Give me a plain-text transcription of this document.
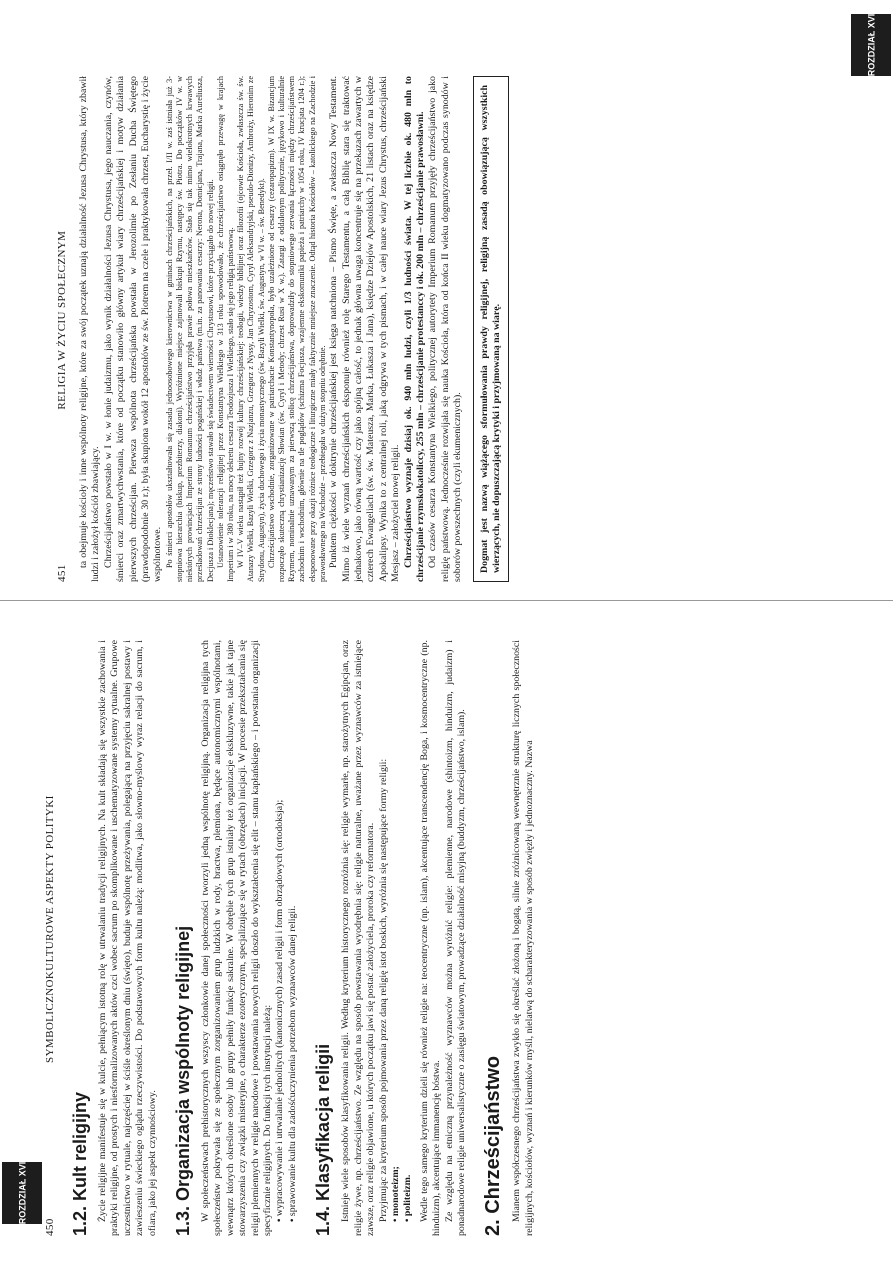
451
RELIGIA W ŻYCIU SPOŁECZNYM ta obejmuje kościoły i inne wspólnoty religijne, które za swój początek uznają działalność Jezusa Chrystusa, który zbawił ludzi i założył kościół zbawiający. Chrześcijaństwo powstało w I w. w łonie judaizmu, jako wynik działalności Jezusa Chrystusa, jego nauczania, czynów, śmierci oraz zmartwychwstania, które od początku stanowiło główny artykuł wiary chrześcijańskiej i motyw działania pierwszych chrześcijan. Pierwsza wspólnota chrześcijańska powstała w Jerozolimie po Zesłaniu Ducha Świętego (prawdopodobnie 30 r.); była skupiona wokół 12 apostołów ze św. Piotrem na czele i praktykowała chrzest, Eucharystię i życie wspólnotowe. Po śmierci apostołów ukształtowała się zasada jednoosobowego kierownictwa w gminach chrześcijańskich, na przeł. I/II w. zaś istniała już 3-stopniowa hierarchia (biskup, prezbiterzy, diakoni). Wyróżnione miejsce zajmowali biskupi Rzymu, następcy św. Piotra. Do początków IV w. w niektórych prowincjach Imperium Romanum chrześcijaństwo przyjęła prawie połowa mieszkańców. Stało się tak mimo wielokrotnych krwawych prześladowań chrześcijan ze strony ludności pogańskiej i władz państwa (m.in. za panowania cesarzy: Nerona, Domicjana, Trajana, Marka Aureliusza, Decjusza i Dioklecjana); męczeństwo stawało się świadectwem wierności Chrystusowi, które przyciągało do nowej religii. Ustanowienie tolerancji religijnej przez Konstantyna Wielkiego w 313 roku spowodowało, że chrześcijaństwo osiągnęło przewagę w krajach Imperium i w 380 roku, na mocy dekretu cesarza Teodozjusza I Wielkiego, stało się jego religią państwową. W IV–V wieku nastąpił też bujny rozwój kultury chrześcijańskiej: teologii, wiedzy biblijnej oraz filozofii (ojcowie Kościoła, zwłaszcza św. św. Atanazy Wielki, Bazyli Wielki, Grzegorz z Nazjanzu, Grzegorz z Nyssy, Jan Chryzostom, Cyryl Aleksandryjski, pseudo-Dionizy, Ambroży, Hieronim ze Strydonu, Augustyn), życia duchowego i życia monastycznego (św. Bazyli Wielki, św. Augustyn, w VI w. – św. Benedykt). Chrześcijaństwo wschodnie, zorganizowane w patriarchacie Konstantynopola, było uzależnione od cesarzy (cezaropapizm). W IX w. Bizancjum rozpoczęło skuteczną chrystianizację Słowian (św. Cyryl i Metody; chrzest Rusi w X w.). Zatargi z oddalonym politycznie, językowo i kulturalnie Rzymem, nominalnie uznawanym za pierwszą stolicę chrześcijaństwa, doprowadziły do stopniowego zerwania łączności między chrześcijaństwem zachodnim i wschodnim, głównie na tle poglądów (schizma Focjusza, wzajemne ekskomuniki papieża i patriarchy w 1054 roku, IV krucjata 1204 r.); eksponowane przy okazji różnice teologiczne i liturgiczne miały faktycznie mniejsze znaczenie. Odtąd historia Kościołów – katolickiego na Zachodzie i prawosławnego na Wschodzie – przebiegała w dużym stopniu odrębnie. Punktem ciężkości w doktrynie chrześcijańskiej jest księga natchniona – Pismo Święte, a zwłaszcza Nowy Testament. Mimo iż wiele wyznań chrześcijańskich eksponuje również rolę Starego Testamentu, a całą Biblię stara się traktować jednakowo, jako równą wartość czy jako spójną całość, to jednak główna uwaga koncentruje się na przekazach zawartych w czterech Ewangeliach (św. św. Mateusza, Marka, Łukasza i Jana), księdze Dziejów Apostolskich, 21 listach oraz na księdze Apokalipsy. Wynika to z centralnej roli, jaką odgrywa w tych pismach, i w całej nauce wiary Jezus Chrystus, chrześcijański Mesjasz – założyciel nowej religii. Chrześcijaństwo wyznaje dzisiaj ok. 940 mln ludzi, czyli 1/3 ludności świata. W tej liczbie ok. 480 mln to chrześcijanie rzymskokatoliccy, 255 mln – chrześcijanie protestanccy i ok. 200 mln – chrześcijanie prawosławni. Od czasów cesarza Konstantyna Wielkiego, politycznej autorytety Imperium Romanum przyjęły chrześcijaństwo jako religię państwową. Jednocześnie rozwijała się nauka Kościoła, która od końca II wieku dogmatyzowano podczas synodów i soborów powszechnych (czyli ekumenicznych).	Dogmat jest nazwą wiążącego sformułowania prawdy religijnej, religijną zasadą obowiązującą wszystkich wierzących, nie dopuszczającą krytyki i przyjmowaną na wiarę.
ROZDZIAŁ XVI
450
SYMBOLICZNOKULTUROWE ASPEKTY POLITYKI
1.2. Kult religijny Życie religijne manifestuje się w kulcie, pełniącym istotną rolę w utrwalaniu tradycji religijnych. Na kult składają się wszystkie zachowania i praktyki religijne, od prostych i niesformalizowanych aktów czci wobec sacrum po skomplikowane i uschematyzowane systemy rytualne. Grupowe uczestnictwo w rytuale, najczęściej w ściśle określonym dniu (święto), buduje wspólnotę przeżywania, polegającą na przyjęciu sakralnej postawy i zawieszeniu świeckiego oglądu rzeczywistości. Do podstawowych form kultu należą: modlitwa, jako słowno-myślowy wyraz relacji do sacrum, i ofiara, jako jej aspekt czynnościowy. 1.3. Organizacja wspólnoty religijnej W społeczeństwach prehistorycznych wszyscy członkowie danej społeczności tworzyli jedną wspólnotę religijną. Organizacja religijna tych społeczeństw pokrywała się ze społecznym zorganizowaniem grup ludzkich w rody, bractwa, plemiona, będące autonomicznymi wspólnotami, wewnątrz których określone osoby lub grupy pełniły funkcje sakralne. W obrębie tych grup istniały też organizacje ekskluzywne, takie jak tajne stowarzyszenia czy związki misteryjne, o charakterze ezoterycznym, specjalizujące się w rytach (obrzędach) inicjacji. W procesie przekształcania się religii plemiennych w religie narodowe i powstawania nowych religii doszło do wykształcenia się elit – stanu kapłańskiego – i powstania organizacji specyficznie religijnych. Do funkcji tych instytucji należą: • wypracowywanie i utrwalanie jednolitych (kanonicznych) zasad religii i form obrządowych (ortodoksja); • sprawowanie kultu dla zadośćuczynienia potrzebom wyznawców danej religii. 1.4. Klasyfikacja religii Istnieje wiele sposobów klasyfikowania religii. Według kryterium historycznego rozróżnia się: religie wymarłe, np. starożytnych Egipcjan, oraz religie żywe, np. chrześcijaństwo. Ze względu na sposób powstawania wyodrębnia się: religie naturalne, uważane przez wyznawców za istniejące zawsze, oraz religie objawione, u których początku jawi się postać założyciela, proroka czy reformatora. Przyjmując za kryterium sposób pojmowania przez daną religię istot boskich, wyróżnia się następujące formy religii: • monoteizm; • politeizm. Wedle tego samego kryterium dzieli się również religie na: teocentryczne (np. islam), akcentujące transcendencję Boga, i kosmocentryczne (np. hinduizm), akcentujące immanencję bóstwa. Ze względu na etniczną przynależność wyznawców można wyróżnić religie: plemienne, narodowe (shintoizm, hinduizm, judaizm) i ponadnarodowe religie uniwersalistyczne o zasięgu światowym, prowadzące działalność misyjną (buddyzm, chrześcijaństwo, islam). 2. Chrześcijaństwo Mianem współczesnego chrześcijaństwa zwykło się określać złożoną i bogatą, silnie zróżnicowaną wewnętrznie strukturę licznych społeczności religijnych, kościołów, wyznań i kierunków myśli, nielatwą do scharakteryzowania w sposób zwięzły i jednoznaczny. Nazwa

ROZDZIAŁ XVI
